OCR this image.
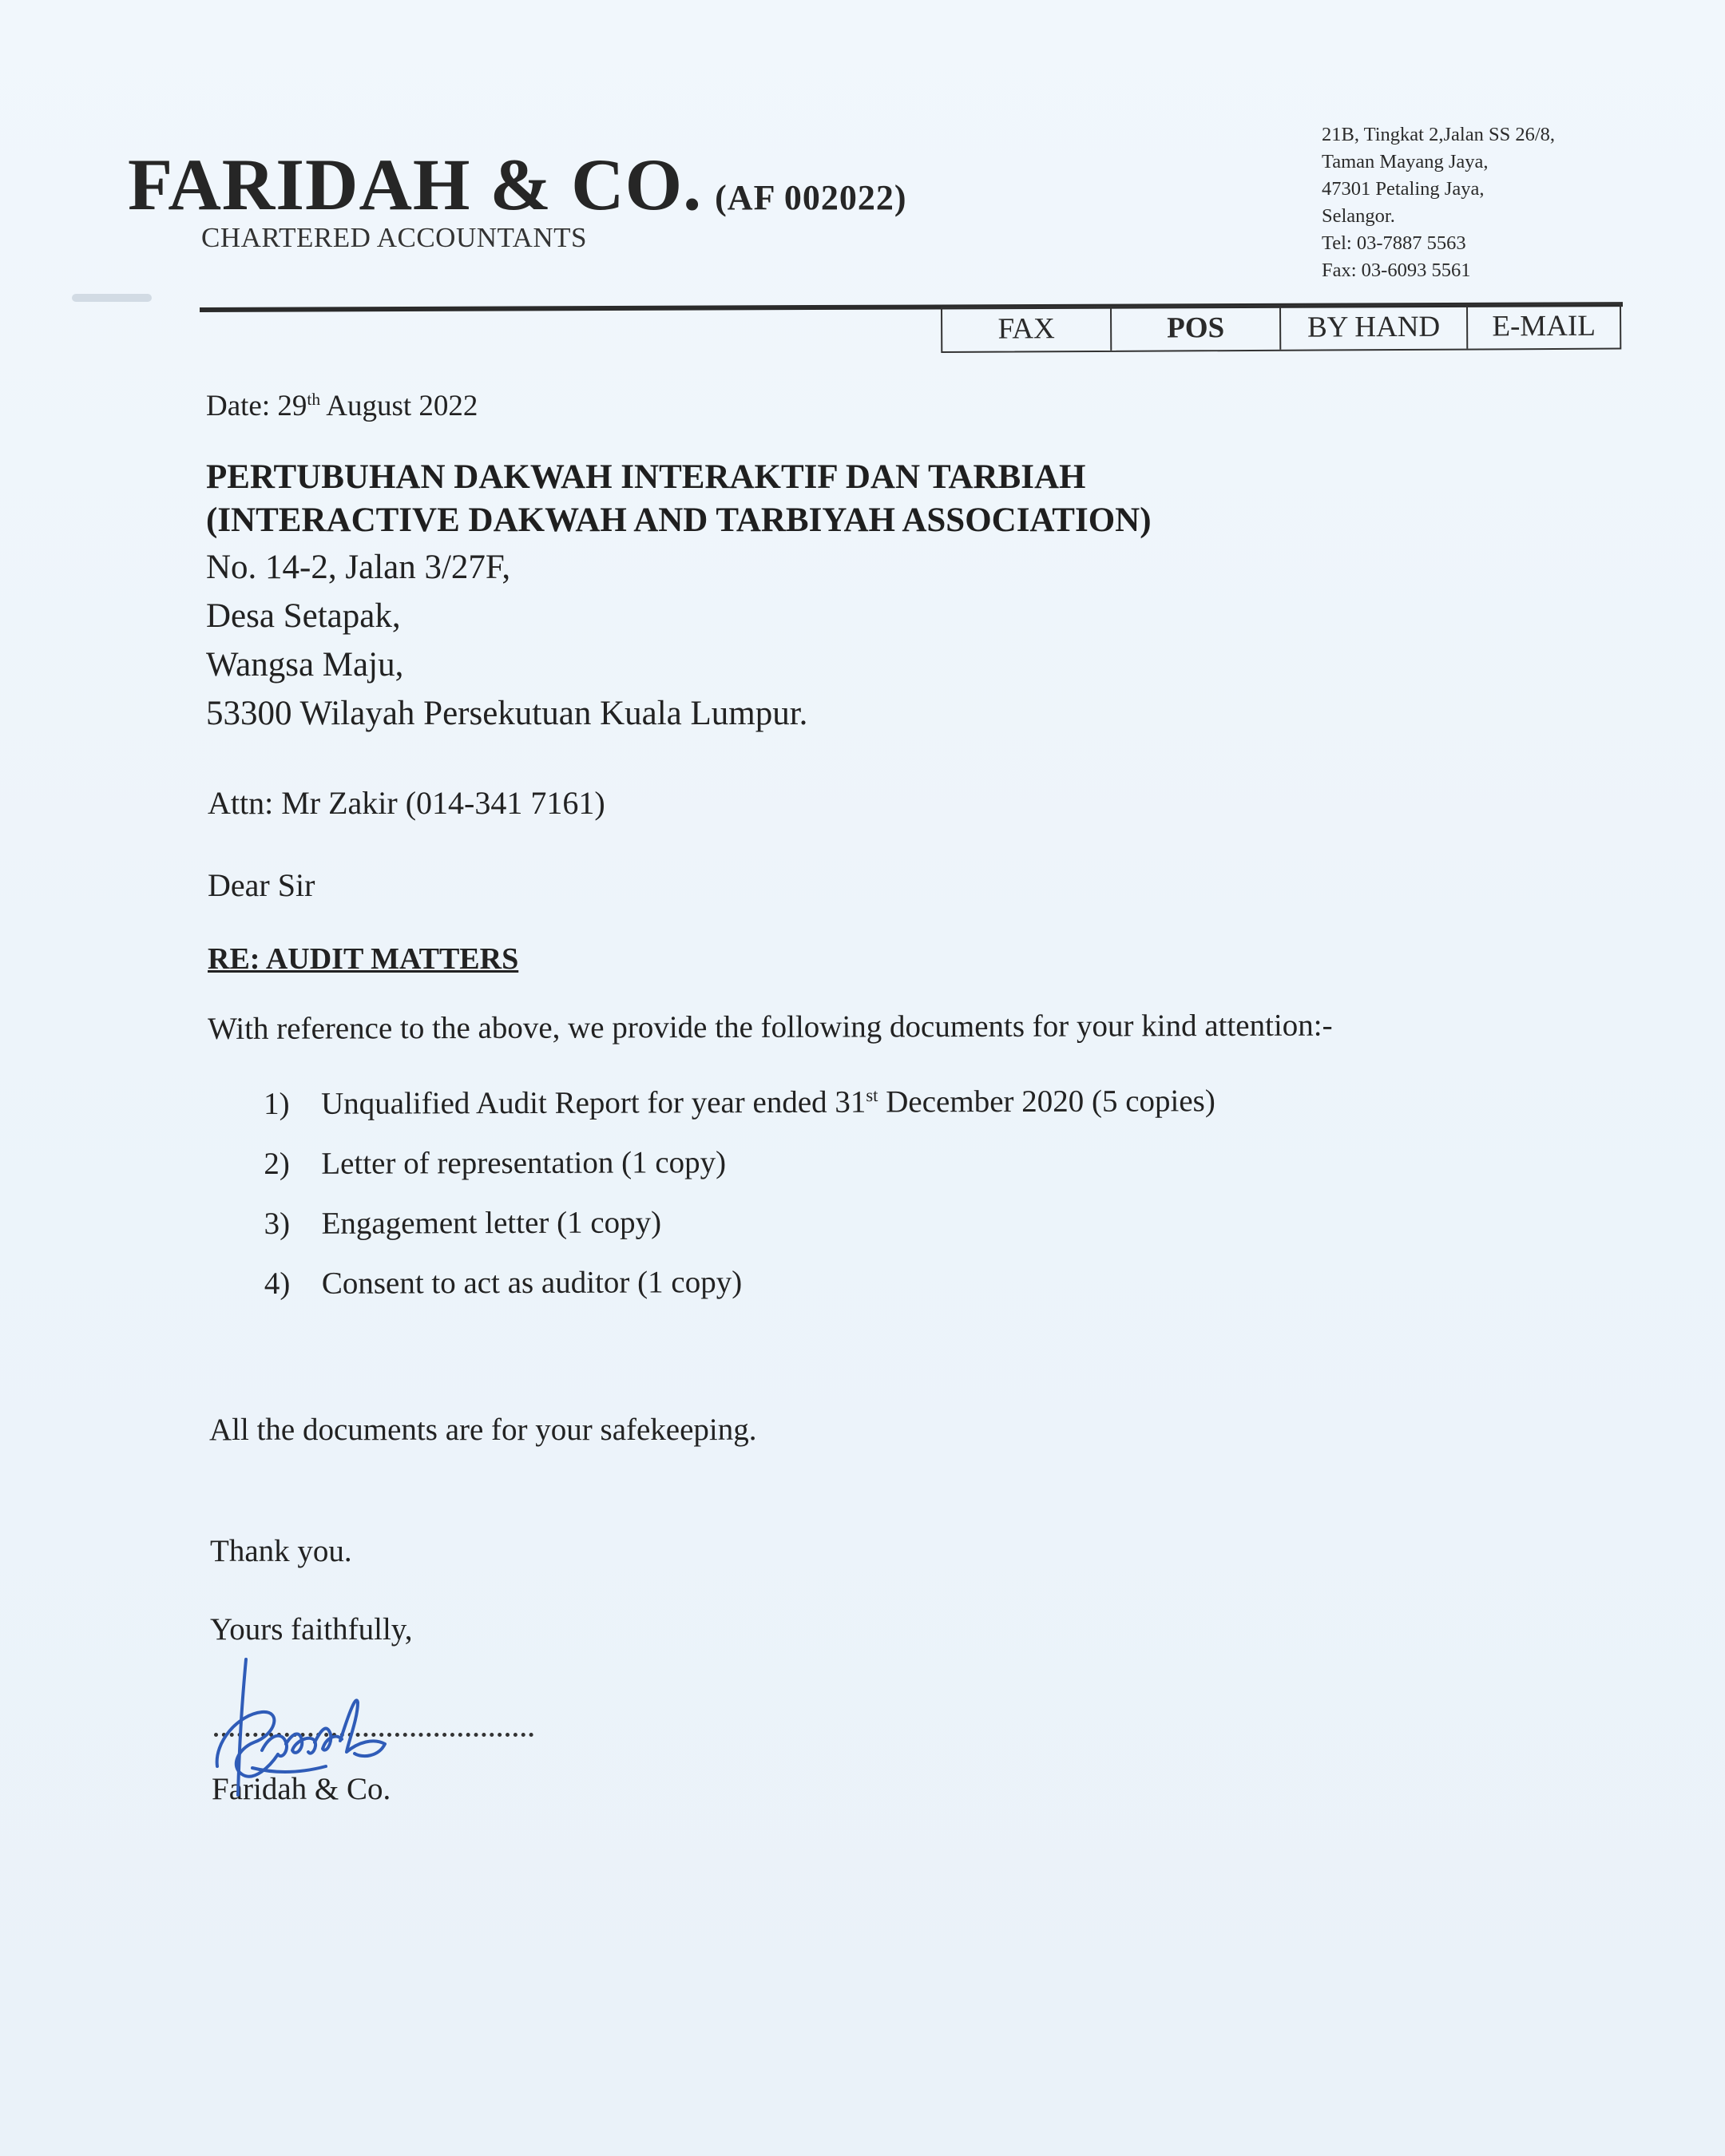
FARIDAH & CO. (AF 002022)
CHARTERED ACCOUNTANTS
21B, Tingkat 2,Jalan SS 26/8,
Taman Mayang Jaya,
47301 Petaling Jaya,
Selangor.
Tel: 03-7887 5563
Fax: 03-6093 5561
FAX	POS	BY HAND	E-MAIL
Date: 29th August 2022
PERTUBUHAN DAKWAH INTERAKTIF DAN TARBIAH
(INTERACTIVE DAKWAH AND TARBIYAH ASSOCIATION)
No. 14-2, Jalan 3/27F,
Desa Setapak,
Wangsa Maju,
53300 Wilayah Persekutuan Kuala Lumpur.
Attn: Mr Zakir (014-341 7161)
Dear Sir
RE: AUDIT MATTERS
With reference to the above, we provide the following documents for your kind attention:-
1) Unqualified Audit Report for year ended 31st December 2020 (5 copies)
2) Letter of representation (1 copy)
3) Engagement letter (1 copy)
4) Consent to act as auditor (1 copy)
All the documents are for your safekeeping.
Thank you.
Yours faithfully,
Faridah & Co.
